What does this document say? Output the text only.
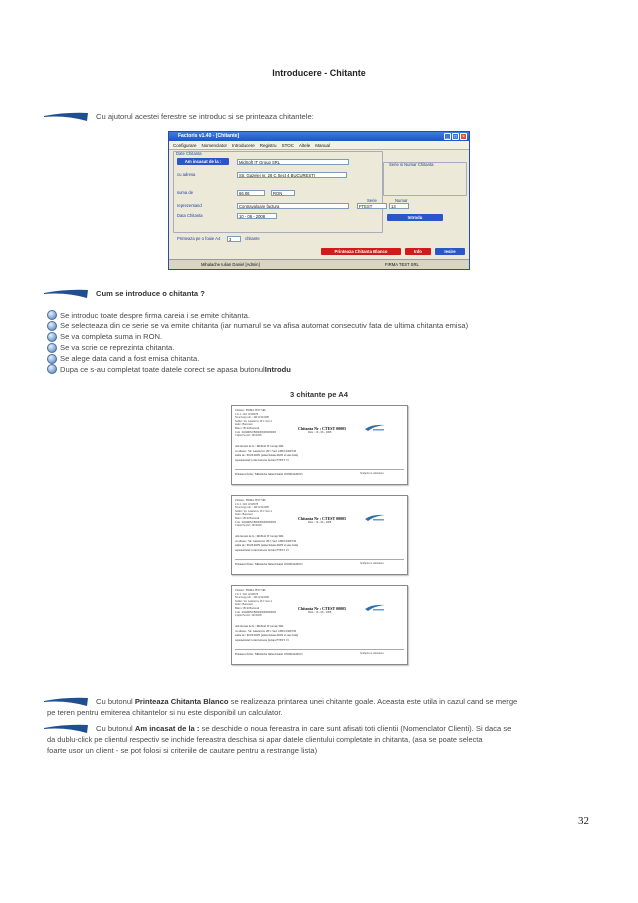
Introducere - Chitante
Cu ajutorul acestei ferestre se introduc si se printeaza chitantele:
Factoris v1.40 - [Chitante]	_	□	×
Configurare Nomenclator Introducere Registru STOC Altele Manual
Date Chitanta
Am incasat de la :	MidSoft IT Group SRL
cu adresa	Str. Gazelei nr. 28 C Sect 4 BUCURESTI
suma de	66.06	RON
reprezentand	Contravaloare factura
Data Chitanta	10 - 06 - 2008
Serie
FTEST
Numar
13
Serie si Numar Chitanta
Introdu
Printeaza pe o foaie A4	3	chitante
Printeaza Chitanta Blanco	Info	Iesire
Mihalache Iulian Daniel [Admin]	FIRMA TEST SRL
Cum se introduce o chitanta ?
Se introduc toate despre firma careia i se emite chitanta.
Se selecteaza din ce serie se va emite chitanta (iar numarul se va afisa automat consecutiv fata de ultima chitanta emisa)
Se va completa suma in RON.
Se va scrie ce reprezinta chitanta.
Se alege data cand a fost emisa chitanta.
Dupa ce s-au completat toate datele corect se apasa butonul Introdu
3 chitante pe A4
Unitatea : FIRMA TEST SRL
C.U.I. : RO 12345678
Nr.ord.reg.com. : J40/1234/2008
Sediul : Str. Gazelei nr. 28 C Sect 4
Judet : Bucuresti
Banca : BCR Bucuresti
Cont : RO49RNCB0000000000000000
Capital Social : 200 RON
Chitanta Nr : CTEST 00005
Data : 10 - 06 - 2008
Am incasat de la : MidSoft IT Group SRL
cu adresa : Str. Gazelei nr. 28 C Sect 4 BUCURESTI
suma de : 66.06 RON (saizecisisase RON si sase bani)
reprezentand Contravaloare factura FTEST 13
Printeaza firma : Mihalache Iulian Daniel 1810601420015	Stampila si semnatura
Unitatea : FIRMA TEST SRL
C.U.I. : RO 12345678
Nr.ord.reg.com. : J40/1234/2008
Sediul : Str. Gazelei nr. 28 C Sect 4
Judet : Bucuresti
Banca : BCR Bucuresti
Cont : RO49RNCB0000000000000000
Capital Social : 200 RON
Chitanta Nr : CTEST 00005
Data : 10 - 06 - 2008
Am incasat de la : MidSoft IT Group SRL
cu adresa : Str. Gazelei nr. 28 C Sect 4 BUCURESTI
suma de : 66.06 RON (saizecisisase RON si sase bani)
reprezentand Contravaloare factura FTEST 13
Printeaza firma : Mihalache Iulian Daniel 1810601420015	Stampila si semnatura
Unitatea : FIRMA TEST SRL
C.U.I. : RO 12345678
Nr.ord.reg.com. : J40/1234/2008
Sediul : Str. Gazelei nr. 28 C Sect 4
Judet : Bucuresti
Banca : BCR Bucuresti
Cont : RO49RNCB0000000000000000
Capital Social : 200 RON
Chitanta Nr : CTEST 00005
Data : 10 - 06 - 2008
Am incasat de la : MidSoft IT Group SRL
cu adresa : Str. Gazelei nr. 28 C Sect 4 BUCURESTI
suma de : 66.06 RON (saizecisisase RON si sase bani)
reprezentand Contravaloare factura FTEST 13
Printeaza firma : Mihalache Iulian Daniel 1810601420015	Stampila si semnatura
Cu butonul Printeaza Chitanta Blanco se realizeaza printarea unei chitante goale. Aceasta este utila in cazul cand se merge
pe teren pentru emiterea chitantelor si nu este disponibil un calculator.
Cu butonul Am incasat de la : se deschide o noua fereastra in care sunt afisati toti clientii (Nomenclator Clienti). Si daca se
da dublu-click pe clientul respectiv se inchide fereastra deschisa si apar datele clientului completate in chitanta, (asa se poate selecta
foarte usor un client - se pot folosi si criteriile de cautare pentru a restrange lista)
32
